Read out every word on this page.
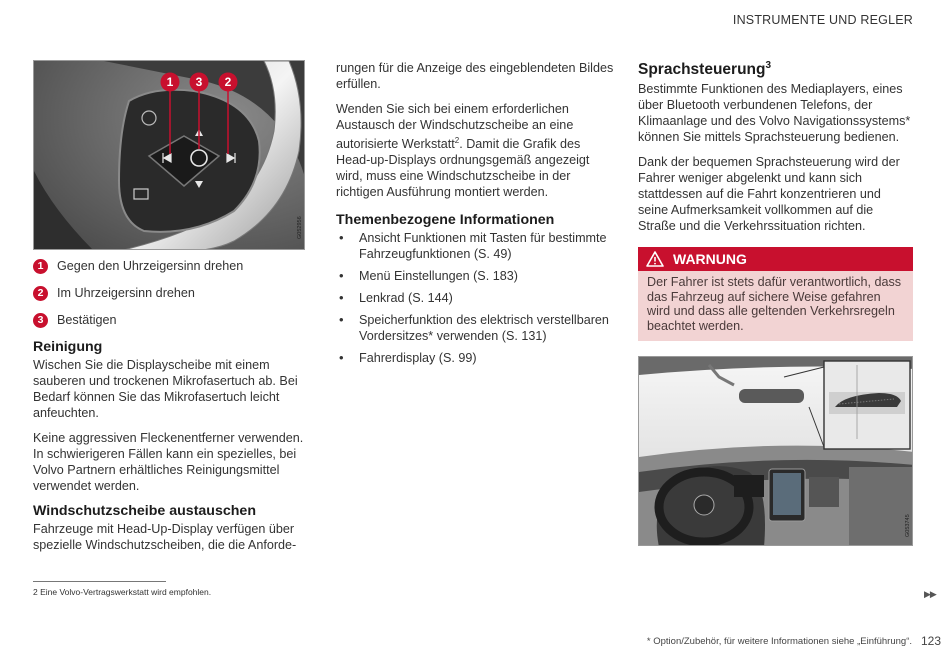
INSTRUMENTE UND REGLER
1 3 2
G052956
1	Gegen den Uhrzeigersinn drehen
2	Im Uhrzeigersinn drehen
3	Bestätigen
Reinigung

Wischen Sie die Displayscheibe mit einem sauberen und trockenen Mikrofasertuch ab. Bei Bedarf können Sie das Mikrofasertuch leicht anfeuchten.

Keine aggressiven Fleckenentferner verwenden. In schwierigeren Fällen kann ein spezielles, bei Volvo Partnern erhältliches Reinigungsmittel verwendet werden.

Windschutzscheibe austauschen

Fahrzeuge mit Head-Up-Display verfügen über spezielle Windschutzscheiben, die die Anforde-

rungen für die Anzeige des eingeblendeten Bildes erfüllen.

Wenden Sie sich bei einem erforderlichen Austausch der Windschutzscheibe an eine autorisierte Werkstatt$^2$. Damit die Grafik des Head-up-Displays ordnungsgemäß angezeigt wird, muss eine Windschutzscheibe in der richtigen Ausführung montiert werden.

Themenbezogene Informationen
• Ansicht Funktionen mit Tasten für bestimmte Fahrzeugfunktionen (S. 49)
• Menü Einstellungen (S. 183)
• Lenkrad (S. 144)
• Speicherfunktion des elektrisch verstellbaren Vordersitzes* verwenden (S. 131)
• Fahrerdisplay (S. 99)
Sprachsteuerung$^3$

Bestimmte Funktionen des Mediaplayers, eines über Bluetooth verbundenen Telefons, der Klimaanlage und des Volvo Navigationssystems* können Sie mittels Sprachsteuerung bedienen.

Dank der bequemen Sprachsteuerung wird der Fahrer weniger abgelenkt und kann sich stattdessen auf die Fahrt konzentrieren und seine Aufmerksamkeit vollkommen auf die Straße und die Verkehrssituation richten.

WARNUNG
Der Fahrer ist stets dafür verantwortlich, dass das Fahrzeug auf sichere Weise gefahren wird und dass alle geltenden Verkehrsregeln beachtet werden.
G053745
2 Eine Volvo-Vertragswerkstatt wird empfohlen.	▶▶
* Option/Zubehör, für weitere Informationen siehe „Einführung“. 123
